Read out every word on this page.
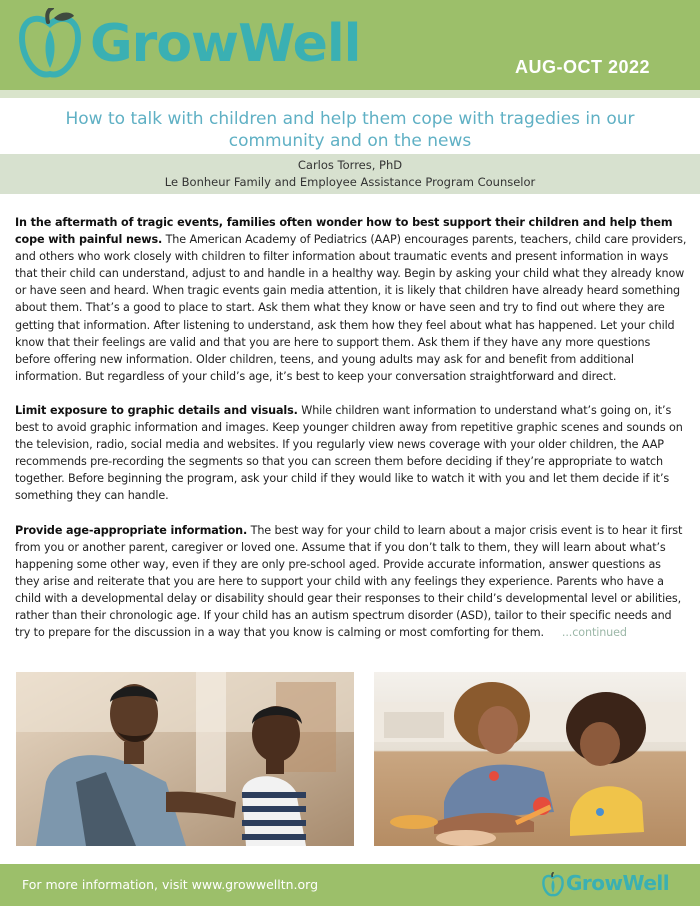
GrowWell	AUG-OCT 2022
How to talk with children and help them cope with tragedies in our community and on the news
Carlos Torres, PhD
Le Bonheur Family and Employee Assistance Program Counselor

In the aftermath of tragic events, families often wonder how to best support their children and help them cope with painful news. The American Academy of Pediatrics (AAP) encourages parents, teachers, child care providers, and others who work closely with children to filter information about traumatic events and present information in ways that their child can understand, adjust to and handle in a healthy way. Begin by asking your child what they already know or have seen and heard. When tragic events gain media attention, it is likely that children have already heard something about them. That’s a good to place to start. Ask them what they know or have seen and try to find out where they are getting that information. After listening to understand, ask them how they feel about what has happened. Let your child know that their feelings are valid and that you are here to support them. Ask them if they have any more questions before offering new information. Older children, teens, and young adults may ask for and benefit from additional information. But regardless of your child’s age, it’s best to keep your conversation straightforward and direct.

Limit exposure to graphic details and visuals. While children want information to understand what’s going on, it’s best to avoid graphic information and images. Keep younger children away from repetitive graphic scenes and sounds on the television, radio, social media and websites. If you regularly view news coverage with your older children, the AAP recommends pre-recording the segments so that you can screen them before deciding if they’re appropriate to watch together. Before beginning the program, ask your child if they would like to watch it with you and let them decide if it’s something they can handle.

Provide age-appropriate information. The best way for your child to learn about a major crisis event is to hear it first from you or another parent, caregiver or loved one. Assume that if you don’t talk to them, they will learn about what’s happening some other way, even if they are only pre-school aged. Provide accurate information, answer questions as they arise and reiterate that you are here to support your child with any feelings they experience. Parents who have a child with a developmental delay or disability should gear their responses to their child’s developmental level or abilities, rather than their chronologic age. If your child has an autism spectrum disorder (ASD), tailor to their specific needs and try to prepare for the discussion in a way that you know is calming or most comforting for them. ...continued

For more information, visit www.growwelltn.org	GrowWell
